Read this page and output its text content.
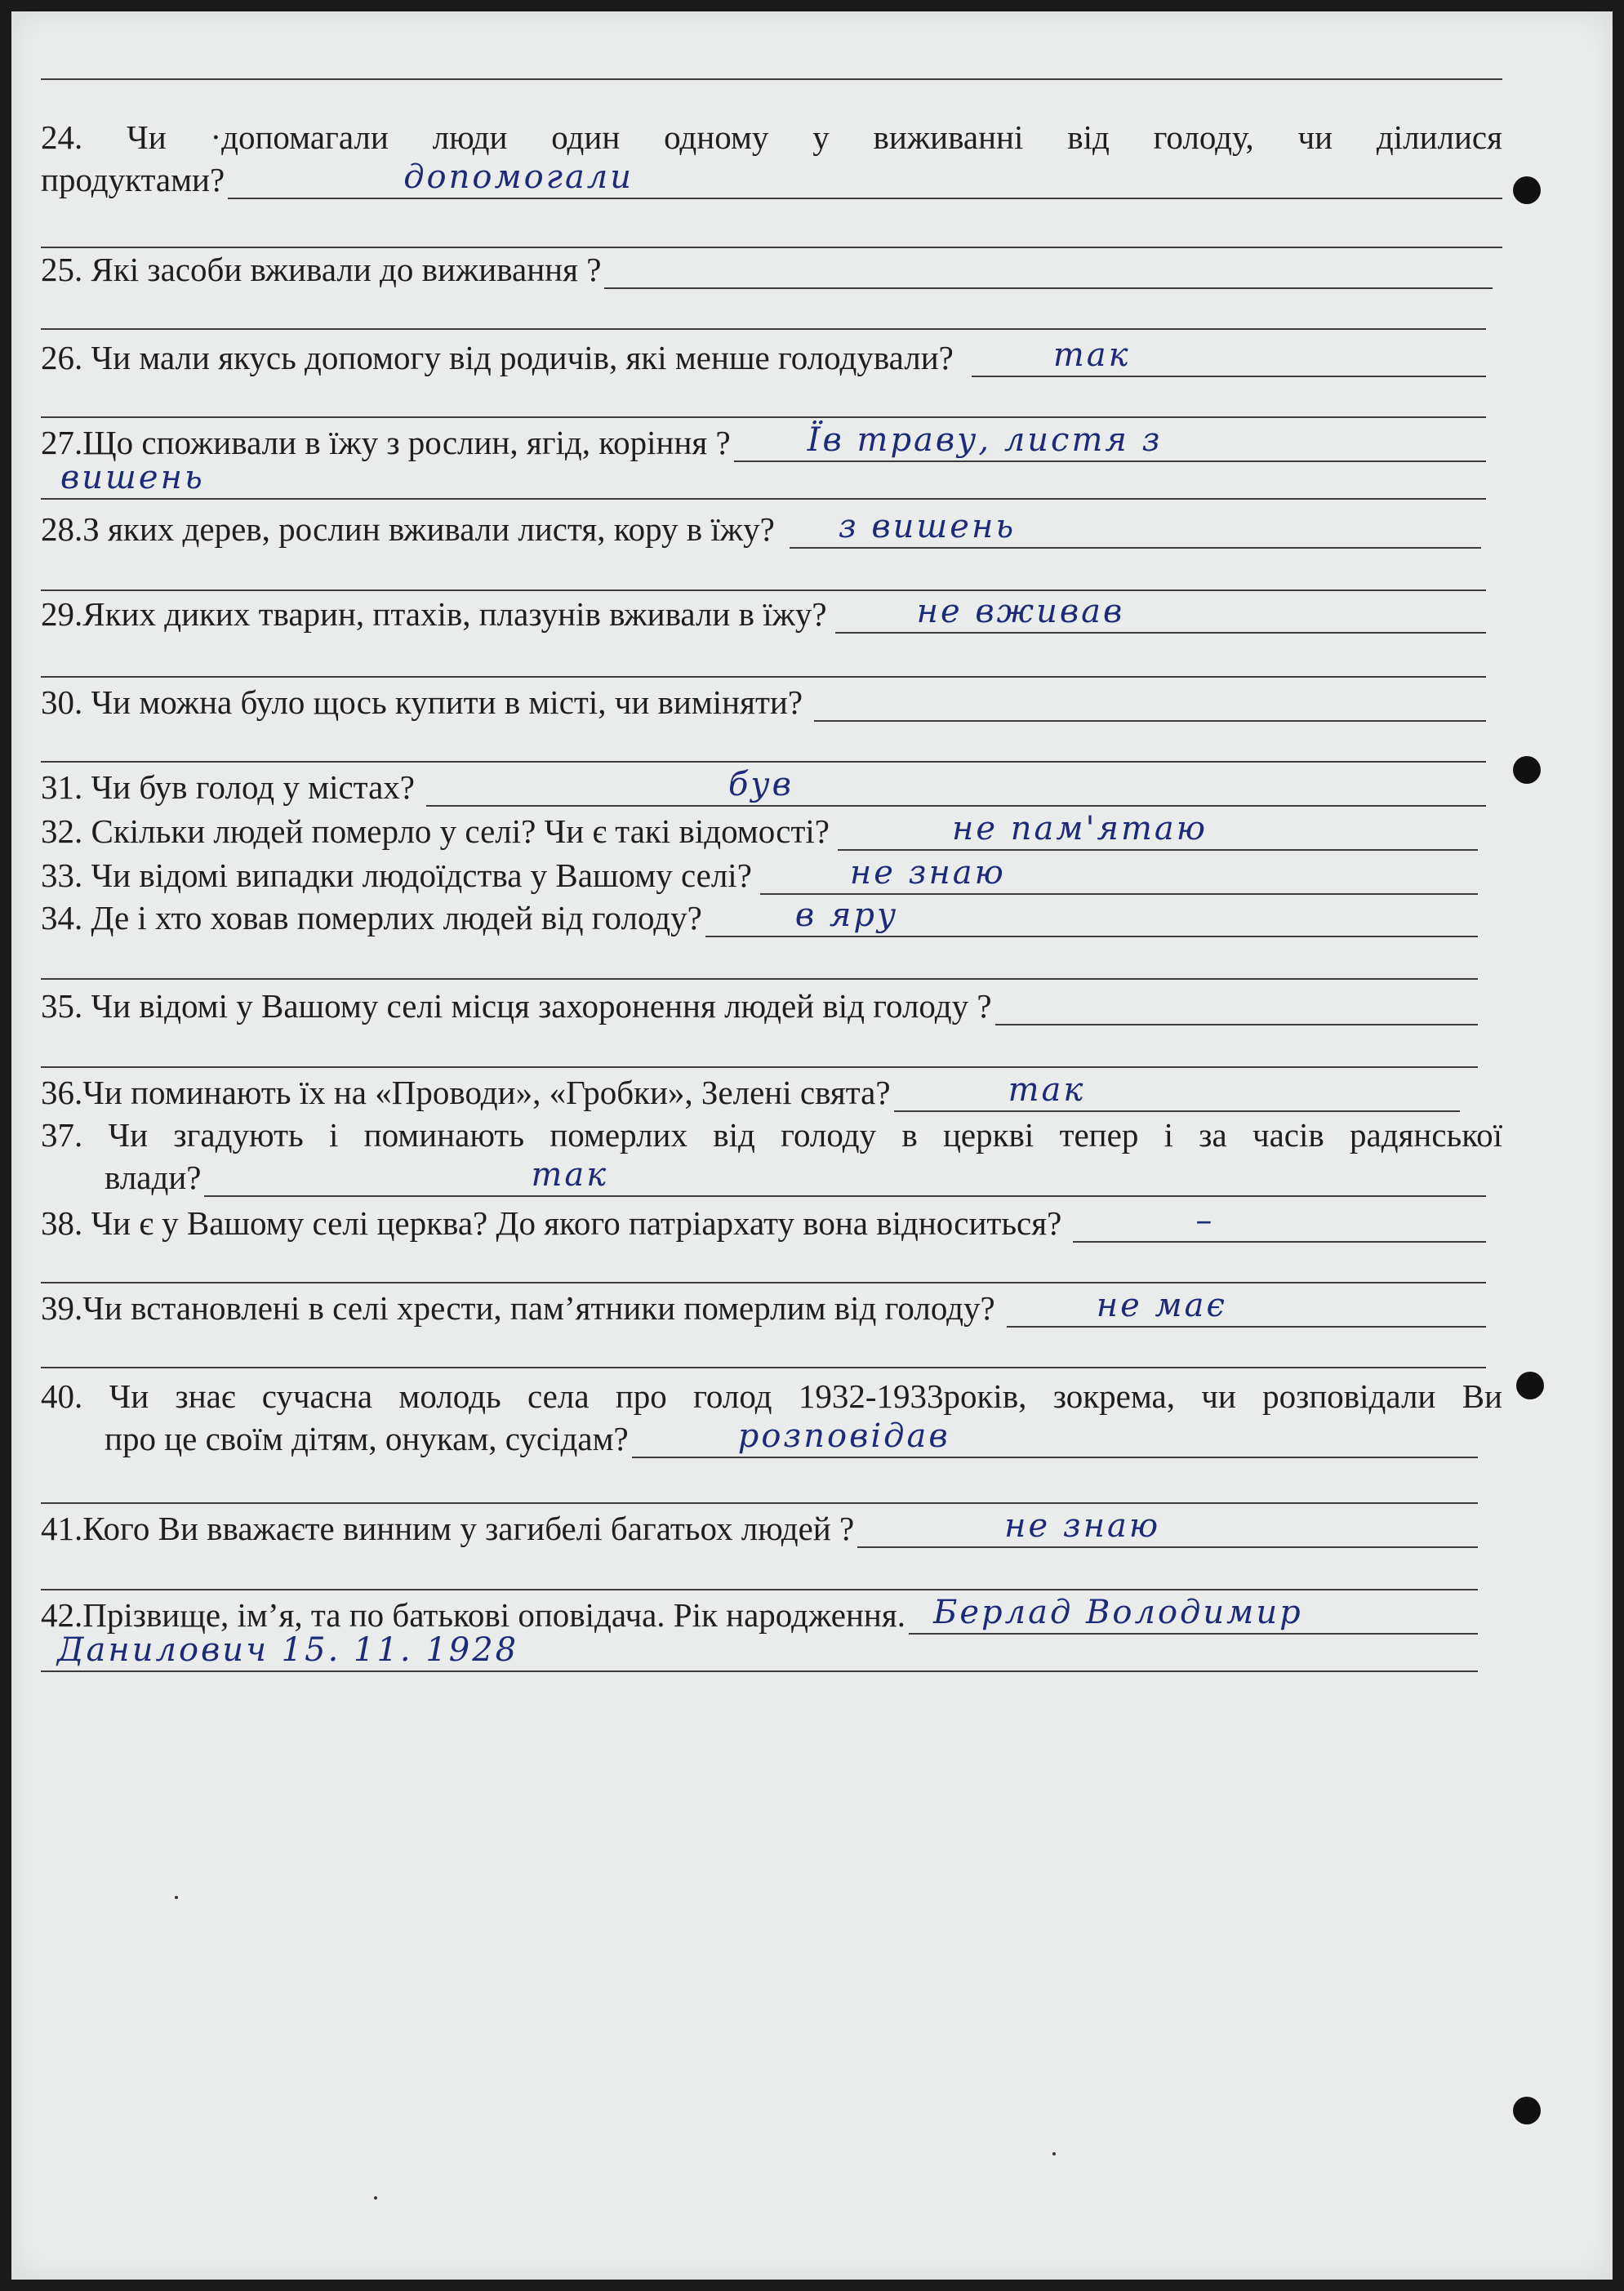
24. Чи ·допомагали люди один одному у виживанні від голоду, чи ділилися
продуктами?	допомогали
25. Які засоби вживали до виживання ?
26. Чи мали якусь допомогу від родичів, які менше голодували?	так
27.Що споживали в їжу з рослин, ягід, коріння ? Їв траву, листя з
вишень
28.З яких дерев, рослин вживали листя, кору в їжу? з вишень
29.Яких диких тварин, птахів, плазунів вживали в їжу?	не вживав
30. Чи можна було щось купити в місті, чи виміняти?
31. Чи був голод у містах?	був
32. Скільки людей померло у селі? Чи є такі відомості?	не пам'ятаю
33. Чи відомі випадки людоїдства у Вашому селі?	не знаю
34. Де і хто ховав померлих людей від голоду?	в яру
35. Чи відомі у Вашому селі місця захоронення людей від голоду ?
36.Чи поминають їх на «Проводи», «Гробки», Зелені свята?	так
37. Чи згадують і поминають померлих від голоду в церкві тепер і за часів радянської
влади?	так
38. Чи є у Вашому селі церква? До якого патріархату вона відноситься?	–
39.Чи встановлені в селі хрести, пам’ятники померлим від голоду?	не має
40. Чи знає сучасна молодь села про голод 1932-1933років, зокрема, чи розповідали Ви
про це своїм дітям, онукам, сусідам?	розповідав
41.Кого Ви вважаєте винним у загибелі багатьох людей ?	не знаю
42.Прізвище, ім’я, та по батькові оповідача. Рік народження. Берлад Володимир
Данилович 15. 11. 1928
